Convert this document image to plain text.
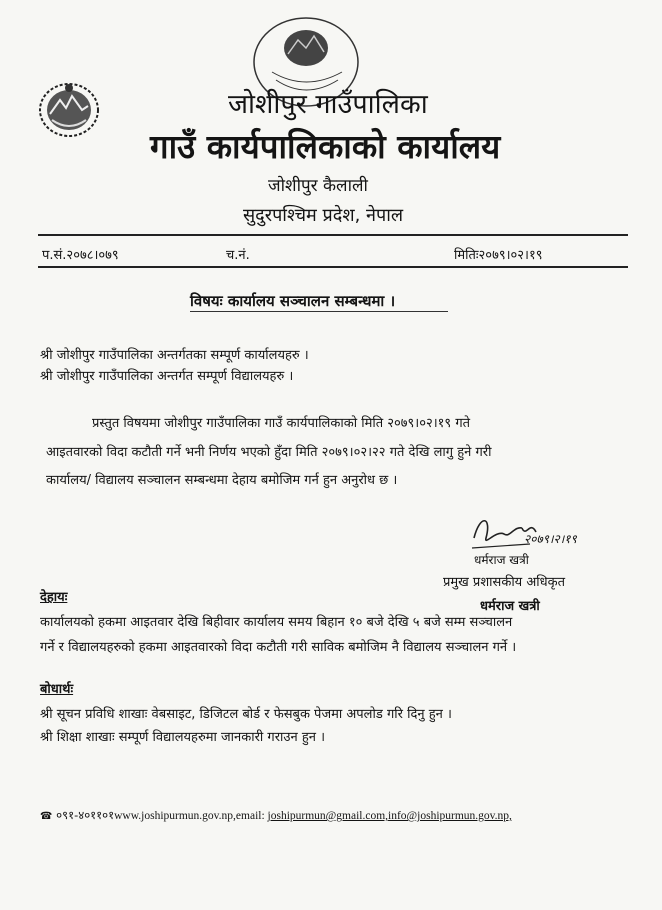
जोशीपुर गाउँपालिका
गाउँ कार्यपालिकाको कार्यालय
जोशीपुर कैलाली
सुदुरपश्चिम प्रदेश, नेपाल
प.सं.२०७८।०७९	च.नं.	मितिः२०७९।०२।१९
विषयः कार्यालय सञ्चालन सम्बन्धमा ।
श्री जोशीपुर गाउँपालिका अन्तर्गतका सम्पूर्ण कार्यालयहरु ।
श्री जोशीपुर गाउँपालिका अन्तर्गत सम्पूर्ण विद्यालयहरु ।
प्रस्तुत विषयमा जोशीपुर गाउँपालिका गाउँ कार्यपालिकाको मिति २०७९।०२।१९ गते
आइतवारको विदा कटौती गर्ने भनी निर्णय भएको हुँदा मिति २०७९।०२।२२ गते देखि लागु हुने गरी
कार्यालय/ विद्यालय सञ्चालन सम्बन्धमा देहाय बमोजिम गर्न हुन अनुरोध छ ।
२०७९।२।१९
धर्मराज खत्री
प्रमुख प्रशासकीय अधिकृत
धर्मराज खत्री
देहायः
कार्यालयको हकमा आइतवार देखि बिहीवार कार्यालय समय बिहान १० बजे देखि ५ बजे सम्म सञ्चालन
गर्ने र विद्यालयहरुको हकमा आइतवारको विदा कटौती गरी साविक बमोजिम नै विद्यालय सञ्चालन गर्ने ।
बोधार्थः
श्री सूचन प्रविधि शाखाः वेबसाइट, डिजिटल बोर्ड र फेसबुक पेजमा अपलोड गरि दिनु हुन ।
श्री शिक्षा शाखाः सम्पूर्ण विद्यालयहरुमा जानकारी गराउन हुन ।
☎ ०९१-४०११०१www.joshipurmun.gov.np,email: joshipurmun@gmail.com,info@joshipurmun.gov.np,
